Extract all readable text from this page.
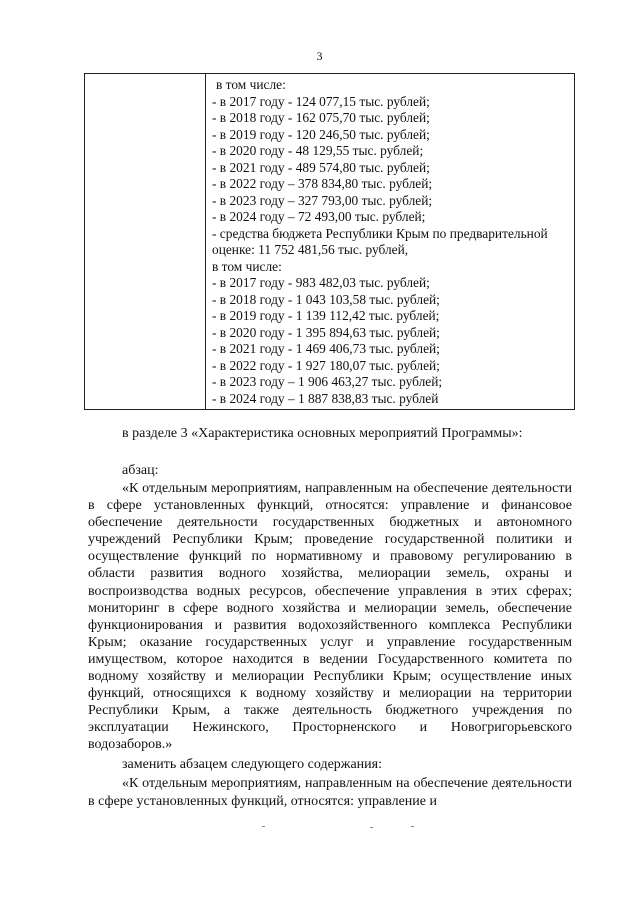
3
в том числе:
- в 2017 году - 124 077,15 тыс. рублей;
- в 2018 году - 162 075,70 тыс. рублей;
- в 2019 году - 120 246,50 тыс. рублей;
- в 2020 году - 48 129,55 тыс. рублей;
- в 2021 году - 489 574,80 тыс. рублей;
- в 2022 году – 378 834,80 тыс. рублей;
- в 2023 году – 327 793,00 тыс. рублей;
- в 2024 году – 72 493,00 тыс. рублей;
- средства бюджета Республики Крым по предварительной оценке: 11 752 481,56 тыс. рублей,
в том числе:
- в 2017 году - 983 482,03 тыс. рублей;
- в 2018 году - 1 043 103,58 тыс. рублей;
- в 2019 году - 1 139 112,42 тыс. рублей;
- в 2020 году - 1 395 894,63 тыс. рублей;
- в 2021 году - 1 469 406,73 тыс. рублей;
- в 2022 году - 1 927 180,07 тыс. рублей;
- в 2023 году – 1 906 463,27 тыс. рублей;
- в 2024 году – 1 887 838,83 тыс. рублей
в разделе 3 «Характеристика основных мероприятий Программы»:
абзац:

«К отдельным мероприятиям, направленным на обеспечение деятельности в сфере установленных функций, относятся: управление и финансовое обеспечение деятельности государственных бюджетных и автономного учреждений Республики Крым; проведение государственной политики и осуществление функций по нормативному и правовому регулированию в области развития водного хозяйства, мелиорации земель, охраны и воспроизводства водных ресурсов, обеспечение управления в этих сферах; мониторинг в сфере водного хозяйства и мелиорации земель, обеспечение функционирования и развития водохозяйственного комплекса Республики Крым; оказание государственных услуг и управление государственным имуществом, которое находится в ведении Государственного комитета по водному хозяйству и мелиорации Республики Крым; осуществление иных функций, относящихся к водному хозяйству и мелиорации на территории Республики Крым, а также деятельность бюджетного учреждения по эксплуатации Нежинского, Просторненского и Новогригорьевского водозаборов.»

заменить абзацем следующего содержания:

«К отдельным мероприятиям, направленным на обеспечение деятельности в сфере установленных функций, относятся: управление и
